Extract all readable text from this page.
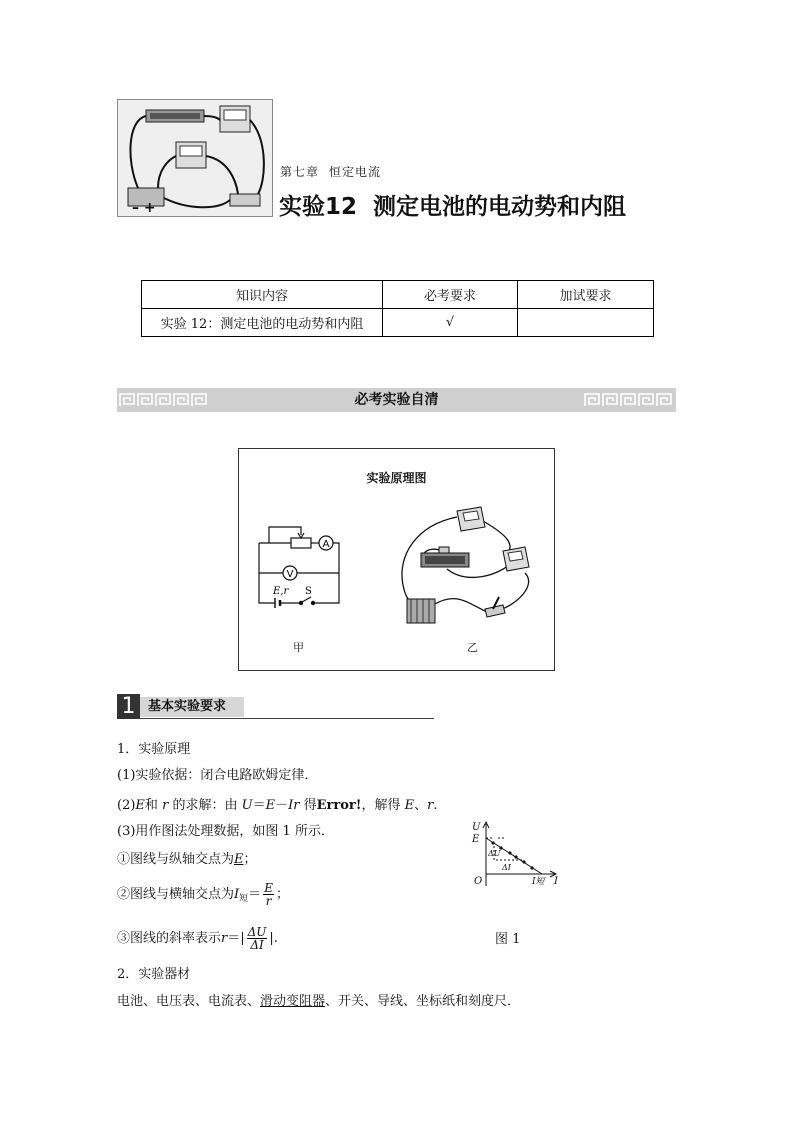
– +
第七章 恒定电流
实验12 测定电池的电动势和内阻
知识内容	必考要求	加试要求
实验 12：测定电池的电动势和内阻	√	
必考实验自清
实验原理图
A
V
E,r S
甲	乙
1 基本实验要求
1．实验原理
(1)实验依据：闭合电路欧姆定律．
(2)E和 r 的求解：由 U＝E－Ir 得Error!，解得 E、r.
(3)用作图法处理数据，如图 1 所示．
①图线与纵轴交点为E；
②图线与横轴交点为$I_短= \frac{E}{r}$ ；
③图线的斜率表示$r=| \frac{\Delta U}{\Delta I}$ |.	图 1
2．实验器材
电池、电压表、电流表、滑动变阻器、开关、导线、坐标纸和刻度尺．
U
E
O	I
I短
ΔU
ΔI
